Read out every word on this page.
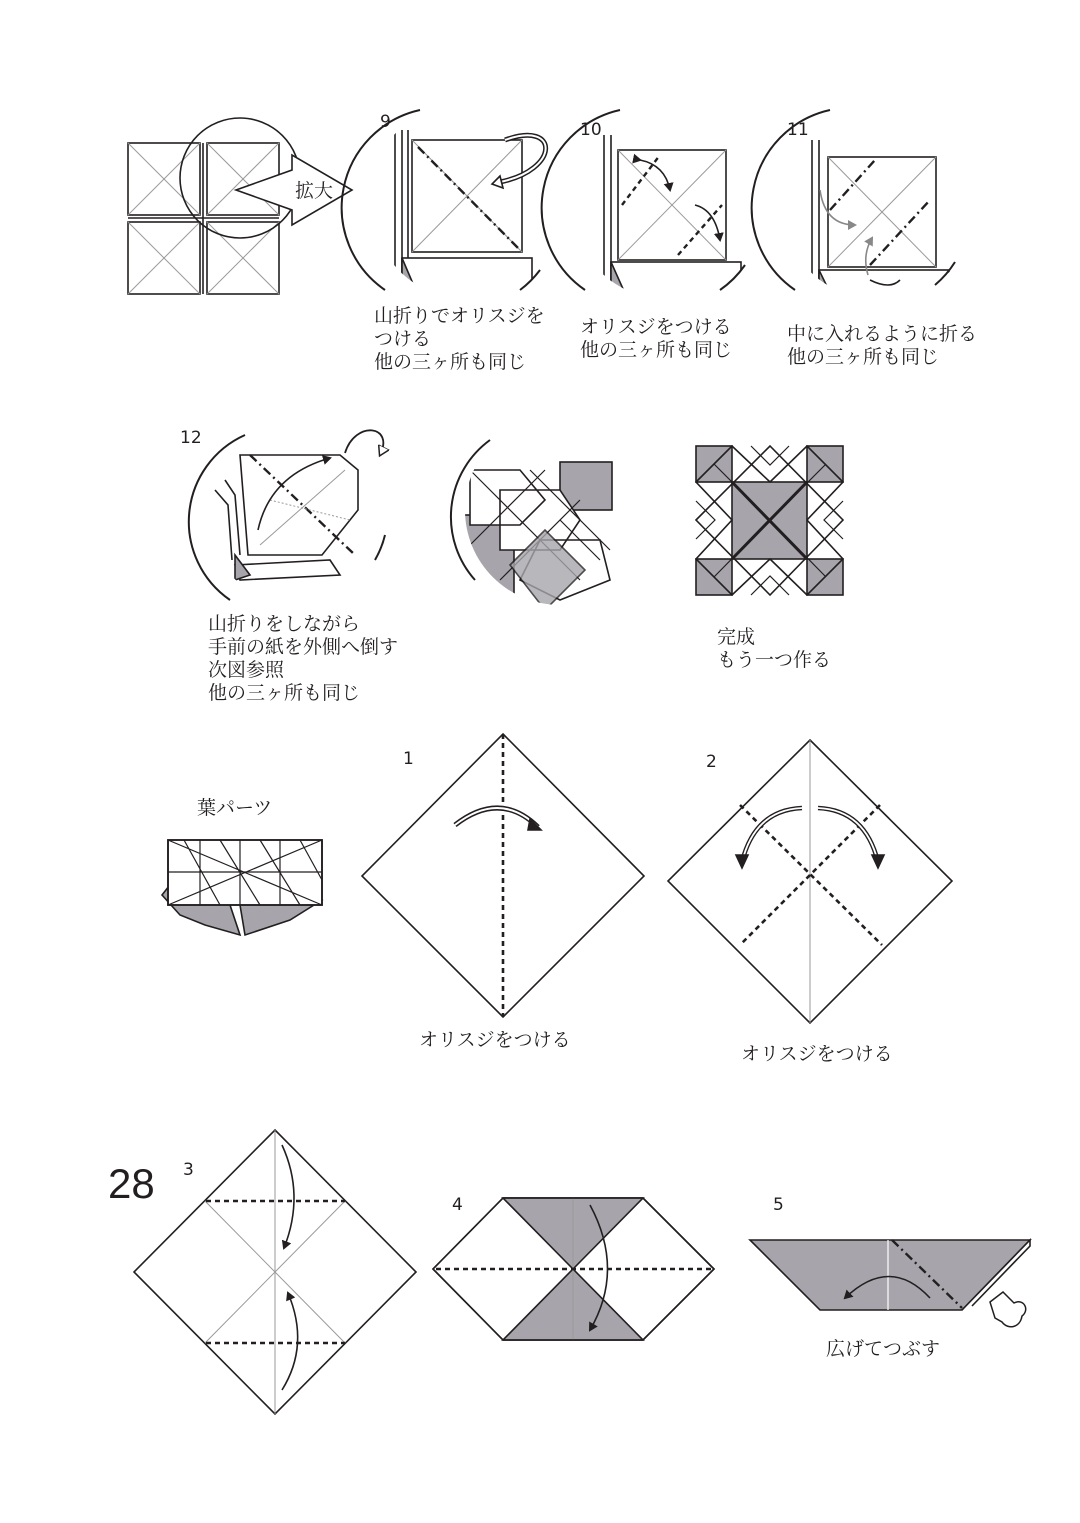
拡大
9	10	11
12
1	2
3
4	5
山折りでオリスジを
つける
他の三ヶ所も同じ
オリスジをつける
他の三ヶ所も同じ
中に入れるように折る
他の三ヶ所も同じ
山折りをしながら
手前の紙を外側へ倒す
次図参照
他の三ヶ所も同じ
完成
もう一つ作る
葉パーツ
オリスジをつける
オリスジをつける
広げてつぶす
28
